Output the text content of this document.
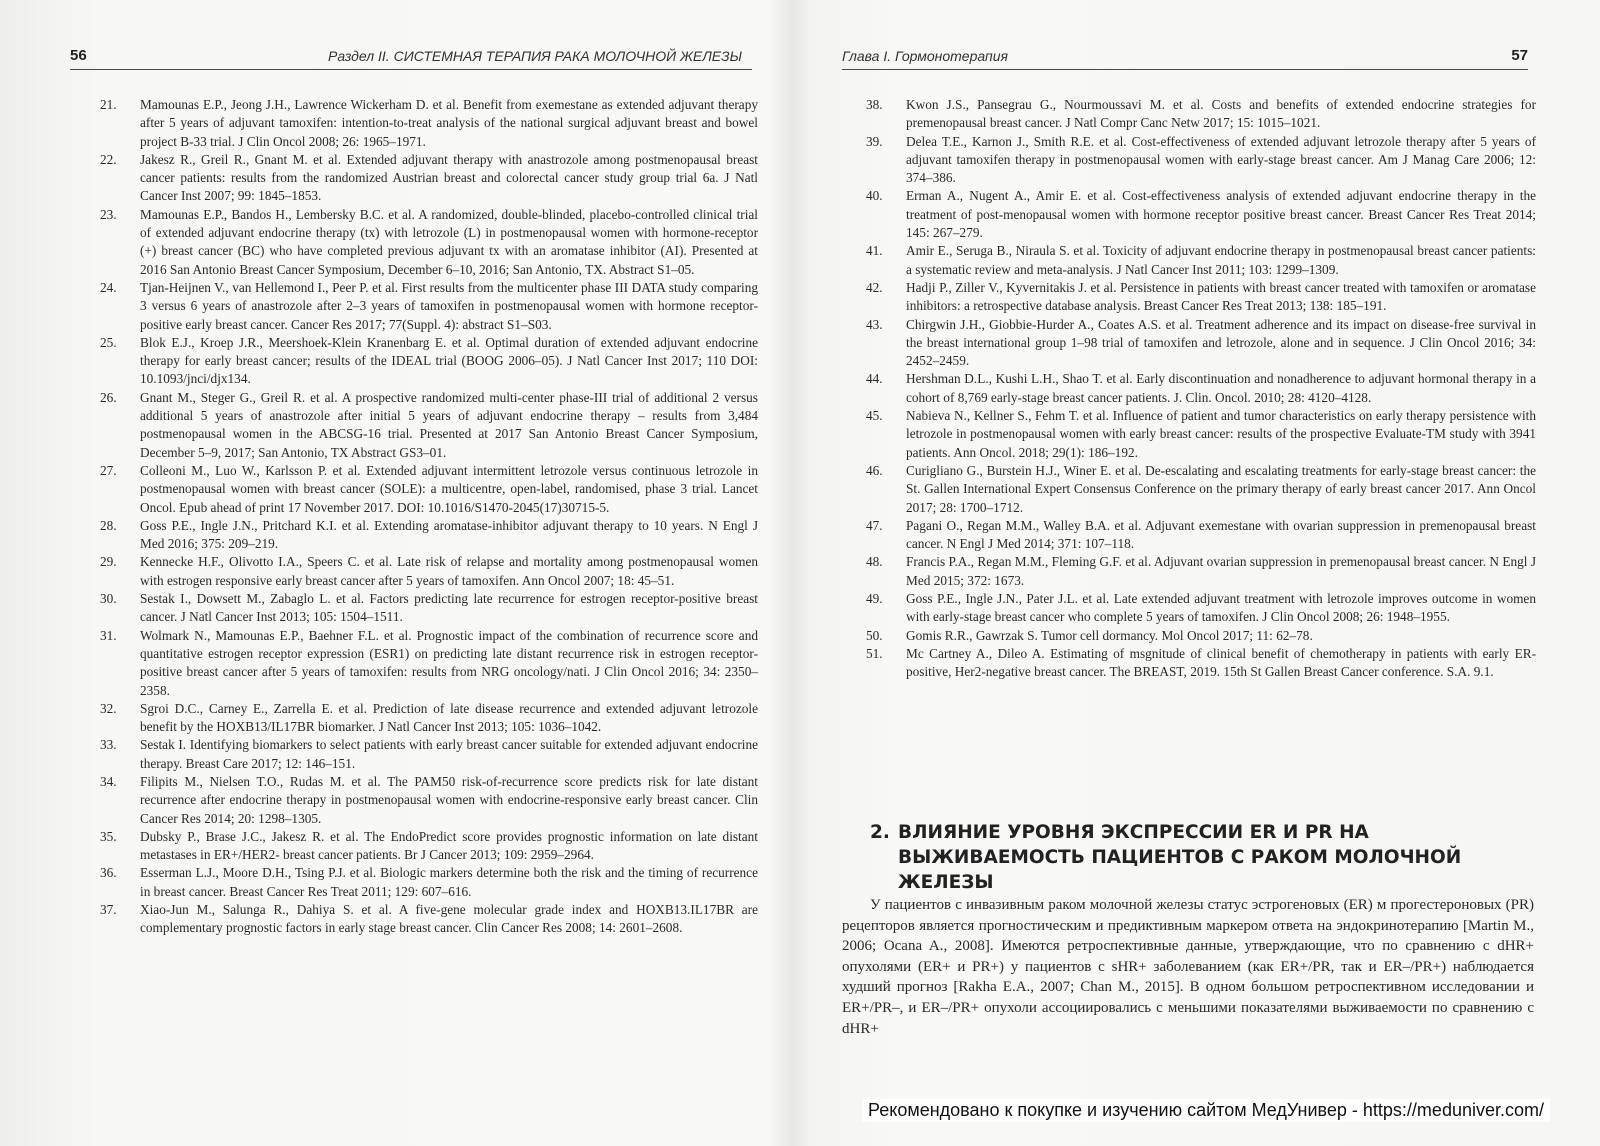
56	Раздел II. СИСТЕМНАЯ ТЕРАПИЯ РАКА МОЛОЧНОЙ ЖЕЛЕЗЫ
21. Mamounas E.P., Jeong J.H., Lawrence Wickerham D. et al. Benefit from exemestane as extended adjuvant therapy after 5 years of adjuvant tamoxifen: intention-to-treat analysis of the national surgical adjuvant breast and bowel project B-33 trial. J Clin Oncol 2008; 26: 1965–1971.
22. Jakesz R., Greil R., Gnant M. et al. Extended adjuvant therapy with anastrozole among postmenopausal breast cancer patients: results from the randomized Austrian breast and colorectal cancer study group trial 6a. J Natl Cancer Inst 2007; 99: 1845–1853.
23. Mamounas E.P., Bandos H., Lembersky B.C. et al. A randomized, double-blinded, placebo-controlled clinical trial of extended adjuvant endocrine therapy (tx) with letrozole (L) in postmenopausal women with hormone-receptor (+) breast cancer (BC) who have completed previous adjuvant tx with an aromatase inhibitor (AI). Presented at 2016 San Antonio Breast Cancer Symposium, December 6–10, 2016; San Antonio, TX. Abstract S1–05.
24. Tjan-Heijnen V., van Hellemond I., Peer P. et al. First results from the multicenter phase III DATA study comparing 3 versus 6 years of anastrozole after 2–3 years of tamoxifen in postmenopausal women with hormone receptor-positive early breast cancer. Cancer Res 2017; 77(Suppl. 4): abstract S1–S03.
25. Blok E.J., Kroep J.R., Meershoek-Klein Kranenbarg E. et al. Optimal duration of extended adjuvant endocrine therapy for early breast cancer; results of the IDEAL trial (BOOG 2006–05). J Natl Cancer Inst 2017; 110 DOI: 10.1093/jnci/djx134.
26. Gnant M., Steger G., Greil R. et al. A prospective randomized multi-center phase-III trial of additional 2 versus additional 5 years of anastrozole after initial 5 years of adjuvant endocrine therapy – results from 3,484 postmenopausal women in the ABCSG-16 trial. Presented at 2017 San Antonio Breast Cancer Symposium, December 5–9, 2017; San Antonio, TX Abstract GS3–01.
27. Colleoni M., Luo W., Karlsson P. et al. Extended adjuvant intermittent letrozole versus continuous letrozole in postmenopausal women with breast cancer (SOLE): a multicentre, open-label, randomised, phase 3 trial. Lancet Oncol. Epub ahead of print 17 November 2017. DOI: 10.1016/S1470-2045(17)30715-5.
28. Goss P.E., Ingle J.N., Pritchard K.I. et al. Extending aromatase-inhibitor adjuvant therapy to 10 years. N Engl J Med 2016; 375: 209–219.
29. Kennecke H.F., Olivotto I.A., Speers C. et al. Late risk of relapse and mortality among postmenopausal women with estrogen responsive early breast cancer after 5 years of tamoxifen. Ann Oncol 2007; 18: 45–51.
30. Sestak I., Dowsett M., Zabaglo L. et al. Factors predicting late recurrence for estrogen receptor-positive breast cancer. J Natl Cancer Inst 2013; 105: 1504–1511.
31. Wolmark N., Mamounas E.P., Baehner F.L. et al. Prognostic impact of the combination of recurrence score and quantitative estrogen receptor expression (ESR1) on predicting late distant recurrence risk in estrogen receptor-positive breast cancer after 5 years of tamoxifen: results from NRG oncology/nati. J Clin Oncol 2016; 34: 2350–2358.
32. Sgroi D.C., Carney E., Zarrella E. et al. Prediction of late disease recurrence and extended adjuvant letrozole benefit by the HOXB13/IL17BR biomarker. J Natl Cancer Inst 2013; 105: 1036–1042.
33. Sestak I. Identifying biomarkers to select patients with early breast cancer suitable for extended adjuvant endocrine therapy. Breast Care 2017; 12: 146–151.
34. Filipits M., Nielsen T.O., Rudas M. et al. The PAM50 risk-of-recurrence score predicts risk for late distant recurrence after endocrine therapy in postmenopausal women with endocrine-responsive early breast cancer. Clin Cancer Res 2014; 20: 1298–1305.
35. Dubsky P., Brase J.C., Jakesz R. et al. The EndoPredict score provides prognostic information on late distant metastases in ER+/HER2- breast cancer patients. Br J Cancer 2013; 109: 2959–2964.
36. Esserman L.J., Moore D.H., Tsing P.J. et al. Biologic markers determine both the risk and the timing of recurrence in breast cancer. Breast Cancer Res Treat 2011; 129: 607–616.
37. Xiao-Jun M., Salunga R., Dahiya S. et al. A five-gene molecular grade index and HOXB13.IL17BR are complementary prognostic factors in early stage breast cancer. Clin Cancer Res 2008; 14: 2601–2608.
Глава I. Гормонотерапия	57
38. Kwon J.S., Pansegrau G., Nourmoussavi M. et al. Costs and benefits of extended endocrine strategies for premenopausal breast cancer. J Natl Compr Canc Netw 2017; 15: 1015–1021.
39. Delea T.E., Karnon J., Smith R.E. et al. Cost-effectiveness of extended adjuvant letrozole therapy after 5 years of adjuvant tamoxifen therapy in postmenopausal women with early-stage breast cancer. Am J Manag Care 2006; 12: 374–386.
40. Erman A., Nugent A., Amir E. et al. Cost-effectiveness analysis of extended adjuvant endocrine therapy in the treatment of post-menopausal women with hormone receptor positive breast cancer. Breast Cancer Res Treat 2014; 145: 267–279.
41. Amir E., Seruga B., Niraula S. et al. Toxicity of adjuvant endocrine therapy in postmenopausal breast cancer patients: a systematic review and meta-analysis. J Natl Cancer Inst 2011; 103: 1299–1309.
42. Hadji P., Ziller V., Kyvernitakis J. et al. Persistence in patients with breast cancer treated with tamoxifen or aromatase inhibitors: a retrospective database analysis. Breast Cancer Res Treat 2013; 138: 185–191.
43. Chirgwin J.H., Giobbie-Hurder A., Coates A.S. et al. Treatment adherence and its impact on disease-free survival in the breast international group 1–98 trial of tamoxifen and letrozole, alone and in sequence. J Clin Oncol 2016; 34: 2452–2459.
44. Hershman D.L., Kushi L.H., Shao T. et al. Early discontinuation and nonadherence to adjuvant hormonal therapy in a cohort of 8,769 early-stage breast cancer patients. J. Clin. Oncol. 2010; 28: 4120–4128.
45. Nabieva N., Kellner S., Fehm T. et al. Influence of patient and tumor characteristics on early therapy persistence with letrozole in postmenopausal women with early breast cancer: results of the prospective Evaluate-TM study with 3941 patients. Ann Oncol. 2018; 29(1): 186–192.
46. Curigliano G., Burstein H.J., Winer E. et al. De-escalating and escalating treatments for early-stage breast cancer: the St. Gallen International Expert Consensus Conference on the primary therapy of early breast cancer 2017. Ann Oncol 2017; 28: 1700–1712.
47. Pagani O., Regan M.M., Walley B.A. et al. Adjuvant exemestane with ovarian suppression in premenopausal breast cancer. N Engl J Med 2014; 371: 107–118.
48. Francis P.A., Regan M.M., Fleming G.F. et al. Adjuvant ovarian suppression in premenopausal breast cancer. N Engl J Med 2015; 372: 1673.
49. Goss P.E., Ingle J.N., Pater J.L. et al. Late extended adjuvant treatment with letrozole improves outcome in women with early-stage breast cancer who complete 5 years of tamoxifen. J Clin Oncol 2008; 26: 1948–1955.
50. Gomis R.R., Gawrzak S. Tumor cell dormancy. Mol Oncol 2017; 11: 62–78.
51. Mc Cartney A., Dileo A. Estimating of msgnitude of clinical benefit of chemotherapy in patients with early ER-positive, Her2-negative breast cancer. The BREAST, 2019. 15th St Gallen Breast Cancer conference. S.A. 9.1.
2. ВЛИЯНИЕ УРОВНЯ ЭКСПРЕССИИ ER И PR НА ВЫЖИВАЕМОСТЬ ПАЦИЕНТОВ С РАКОМ МОЛОЧНОЙ ЖЕЛЕЗЫ

У пациентов с инвазивным раком молочной железы статус эстрогеновых (ER) м прогестероновых (PR) рецепторов является прогностическим и предиктивным маркером ответа на эндокринотерапию [Martin M., 2006; Ocana A., 2008]. Имеются ретроспективные данные, утверждающие, что по сравнению с dHR+ опухолями (ER+ и PR+) у пациентов с sHR+ заболеванием (как ER+/PR, так и ER–/PR+) наблюдается худший прогноз [Rakha E.A., 2007; Chan M., 2015]. В одном большом ретроспективном исследовании и ER+/PR–, и ER–/PR+ опухоли ассоциировались с меньшими показателями выживаемости по сравнению с dHR+

Рекомендовано к покупке и изучению сайтом МедУнивер - https://meduniver.com/
